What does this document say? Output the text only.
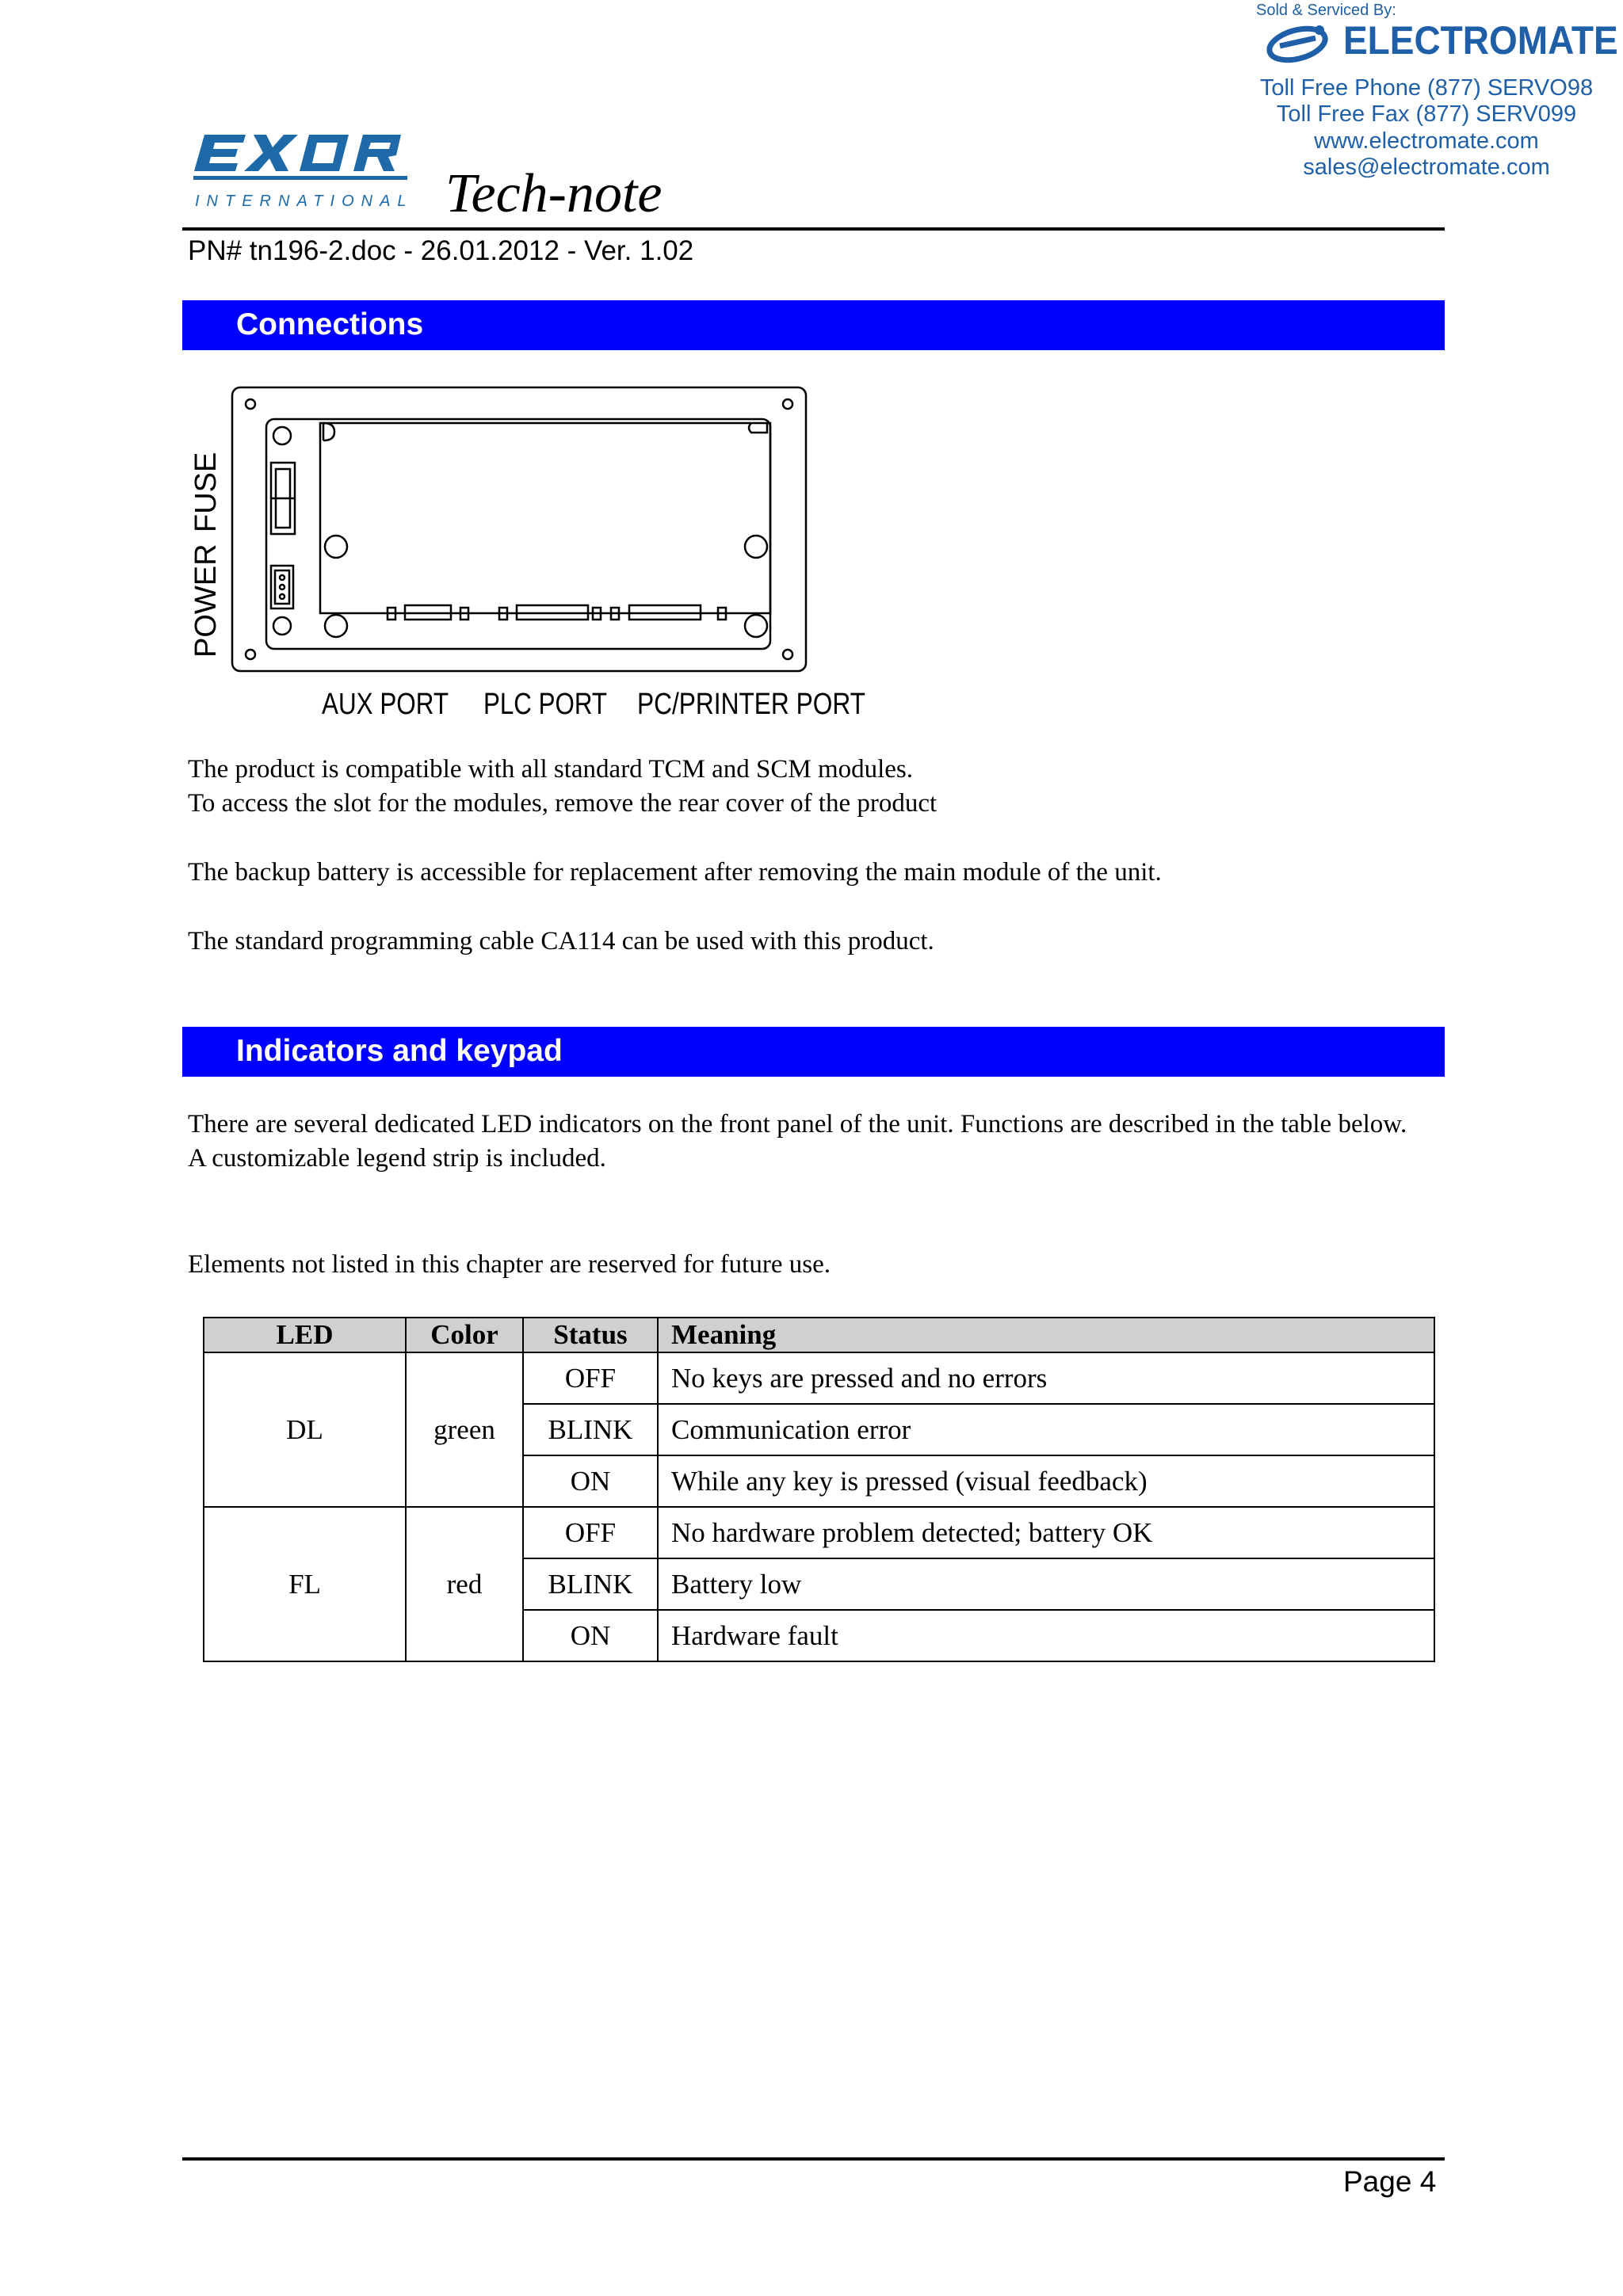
Sold & Serviced By:
ELECTROMATE
Toll Free Phone (877) SERVO98
Toll Free Fax (877) SERV099
www.electromate.com
sales@electromate.com
INTERNATIONAL Tech-note
PN# tn196-2.doc - 26.01.2012 - Ver. 1.02
Connections
FUSE
POWER
AUX PORT PLC PORT PC/PRINTER PORT
The product is compatible with all standard TCM and SCM modules.
To access the slot for the modules, remove the rear cover of the product
The backup battery is accessible for replacement after removing the main module of the unit.
The standard programming cable CA114 can be used with this product.
Indicators and keypad
There are several dedicated LED indicators on the front panel of the unit. Functions are described in the table below.
A customizable legend strip is included.
Elements not listed in this chapter are reserved for future use.
LED	Color	Status	Meaning
DL	green	OFF	No keys are pressed and no errors
		BLINK	Communication error
		ON	While any key is pressed (visual feedback)
FL	red	OFF	No hardware problem detected; battery OK
		BLINK	Battery low
		ON	Hardware fault
Page 4
